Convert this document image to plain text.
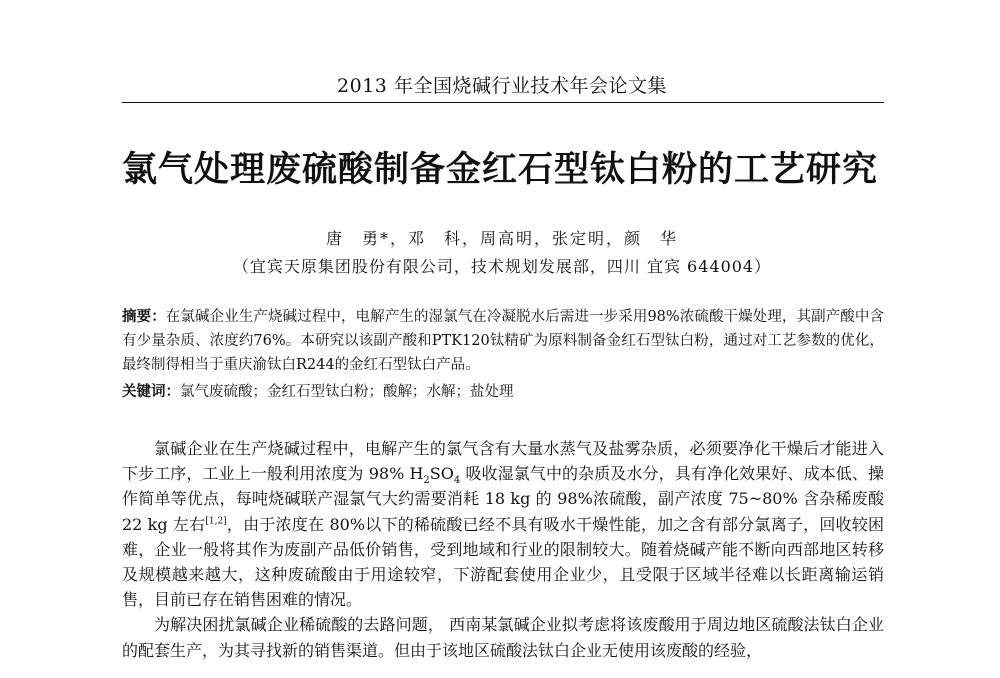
2013 年全国烧碱行业技术年会论文集
氯气处理废硫酸制备金红石型钛白粉的工艺研究
唐　勇*，邓　科，周高明，张定明，颜　华
（宜宾天原集团股份有限公司，技术规划发展部，四川 宜宾 644004）

摘要：在氯碱企业生产烧碱过程中，电解产生的湿氯气在冷凝脱水后需进一步采用98%浓硫酸干燥处理，其副产酸中含有少量杂质、浓度约76%。本研究以该副产酸和PTK120钛精矿为原料制备金红石型钛白粉，通过对工艺参数的优化，最终制得相当于重庆渝钛白R244的金红石型钛白产品。

关键词：氯气废硫酸；金红石型钛白粉；酸解；水解；盐处理

氯碱企业在生产烧碱过程中，电解产生的氯气含有大量水蒸气及盐雾杂质，必须要净化干燥后才能进入下步工序，工业上一般利用浓度为 98% $H_2SO_4$ 吸收湿氯气中的杂质及水分，具有净化效果好、成本低、操作简单等优点，每吨烧碱联产湿氯气大约需要消耗 18 kg 的 98%浓硫酸，副产浓度 75~80% 含杂稀废酸 22 kg 左右[1,2]，由于浓度在 80%以下的稀硫酸已经不具有吸水干燥性能，加之含有部分氯离子，回收较困难，企业一般将其作为废副产品低价销售，受到地域和行业的限制较大。随着烧碱产能不断向西部地区转移及规模越来越大，这种废硫酸由于用途较窄，下游配套使用企业少，且受限于区域半径难以长距离输运销售，目前已存在销售困难的情况。

为解决困扰氯碱企业稀硫酸的去路问题， 西南某氯碱企业拟考虑将该废酸用于周边地区硫酸法钛白企业的配套生产，为其寻找新的销售渠道。但由于该地区硫酸法钛白企业无使用该废酸的经验，
